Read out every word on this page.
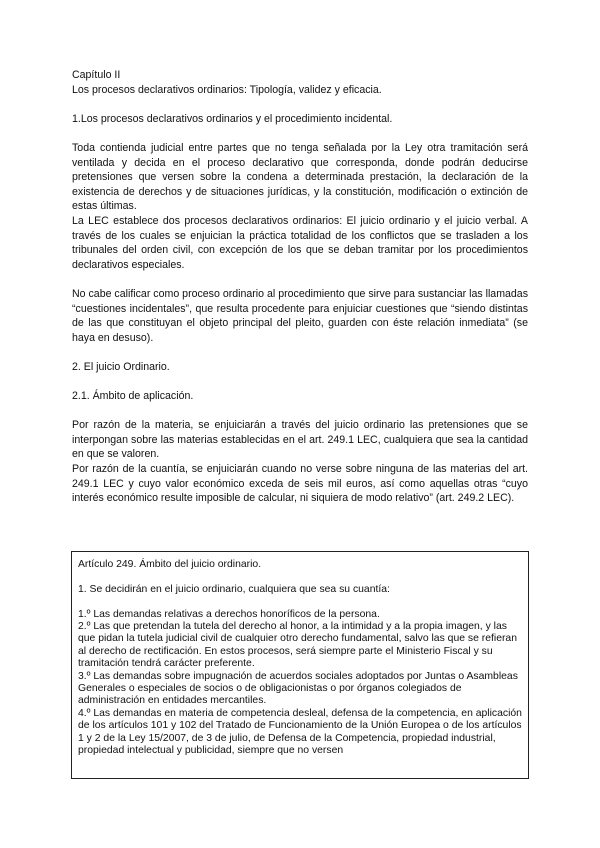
Capítulo II

Los procesos declarativos ordinarios: Tipología, validez y eficacia.

1.Los procesos declarativos ordinarios y el procedimiento incidental.

Toda contienda judicial entre partes que no tenga señalada por la Ley otra tramitación será ventilada y decida en el proceso declarativo que corresponda, donde podrán deducirse pretensiones que versen sobre la condena a determinada prestación, la declaración de la existencia de derechos y de situaciones jurídicas, y la constitución, modificación o extinción de estas últimas.

La LEC establece dos procesos declarativos ordinarios: El juicio ordinario y el juicio verbal. A través de los cuales se enjuician la práctica totalidad de los conflictos que se trasladen a los tribunales del orden civil, con excepción de los que se deban tramitar por los procedimientos declarativos especiales.

No cabe calificar como proceso ordinario al procedimiento que sirve para sustanciar las llamadas “cuestiones incidentales”, que resulta procedente para enjuiciar cuestiones que “siendo distintas de las que constituyan el objeto principal del pleito, guarden con éste relación inmediata” (se haya en desuso).

2. El juicio Ordinario.

2.1. Ámbito de aplicación.

Por razón de la materia, se enjuiciarán a través del juicio ordinario las pretensiones que se interpongan sobre las materias establecidas en el art. 249.1 LEC, cualquiera que sea la cantidad en que se valoren.

Por razón de la cuantía, se enjuiciarán cuando no verse sobre ninguna de las materias del art. 249.1 LEC y cuyo valor económico exceda de seis mil euros, así como aquellas otras “cuyo interés económico resulte imposible de calcular, ni siquiera de modo relativo” (art. 249.2 LEC).

Artículo 249. Ámbito del juicio ordinario.

1. Se decidirán en el juicio ordinario, cualquiera que sea su cuantía:

1.º Las demandas relativas a derechos honoríficos de la persona.

2.º Las que pretendan la tutela del derecho al honor, a la intimidad y a la propia imagen, y las que pidan la tutela judicial civil de cualquier otro derecho fundamental, salvo las que se refieran al derecho de rectificación. En estos procesos, será siempre parte el Ministerio Fiscal y su tramitación tendrá carácter preferente.

3.º Las demandas sobre impugnación de acuerdos sociales adoptados por Juntas o Asambleas Generales o especiales de socios o de obligacionistas o por órganos colegiados de administración en entidades mercantiles.

4.º Las demandas en materia de competencia desleal, defensa de la competencia, en aplicación de los artículos 101 y 102 del Tratado de Funcionamiento de la Unión Europea o de los artículos 1 y 2 de la Ley 15/2007, de 3 de julio, de Defensa de la Competencia, propiedad industrial, propiedad intelectual y publicidad, siempre que no versen
